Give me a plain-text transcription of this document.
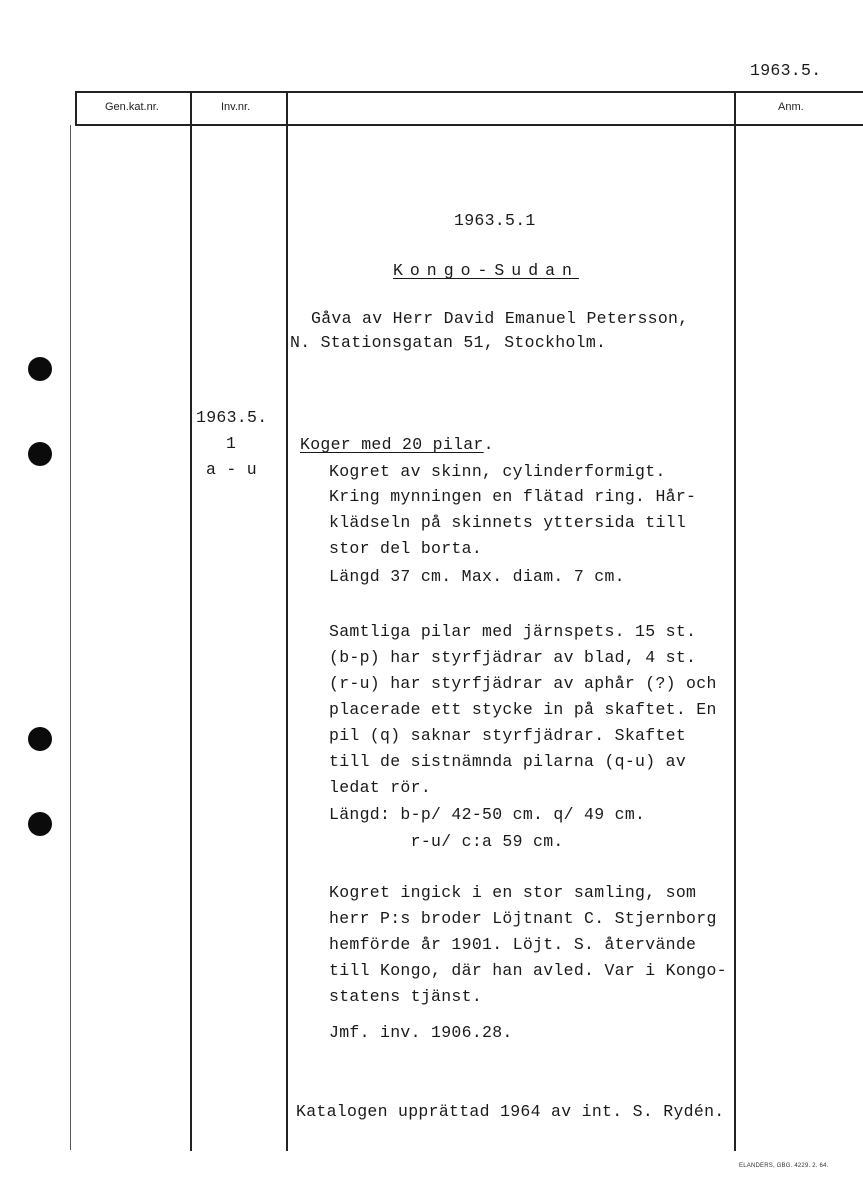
1963.5.
Gen.kat.nr.	Inv.nr.	Anm.
1963.5.
1
a - u
1963.5.1
Kongo-Sudan
Gåva av Herr David Emanuel Petersson,
N. Stationsgatan 51, Stockholm.
Koger med 20 pilar.
Kogret av skinn, cylinderformigt.
Kring mynningen en flätad ring. Hår-
klädseln på skinnets yttersida till
stor del borta.
Längd 37 cm. Max. diam. 7 cm.
Samtliga pilar med järnspets. 15 st.
(b-p) har styrfjädrar av blad, 4 st.
(r-u) har styrfjädrar av aphår (?) och
placerade ett stycke in på skaftet. En
pil (q) saknar styrfjädrar. Skaftet
till de sistnämnda pilarna (q-u) av
ledat rör.
Längd: b-p/ 42-50 cm. q/ 49 cm.
r-u/ c:a 59 cm.
Kogret ingick i en stor samling, som
herr P:s broder Löjtnant C. Stjernborg
hemförde år 1901. Löjt. S. återvände
till Kongo, där han avled. Var i Kongo-
statens tjänst.
Jmf. inv. 1906.28.
Katalogen upprättad 1964 av int. S. Rydén.
ELANDERS, GBG. 4229. 2. 64.
